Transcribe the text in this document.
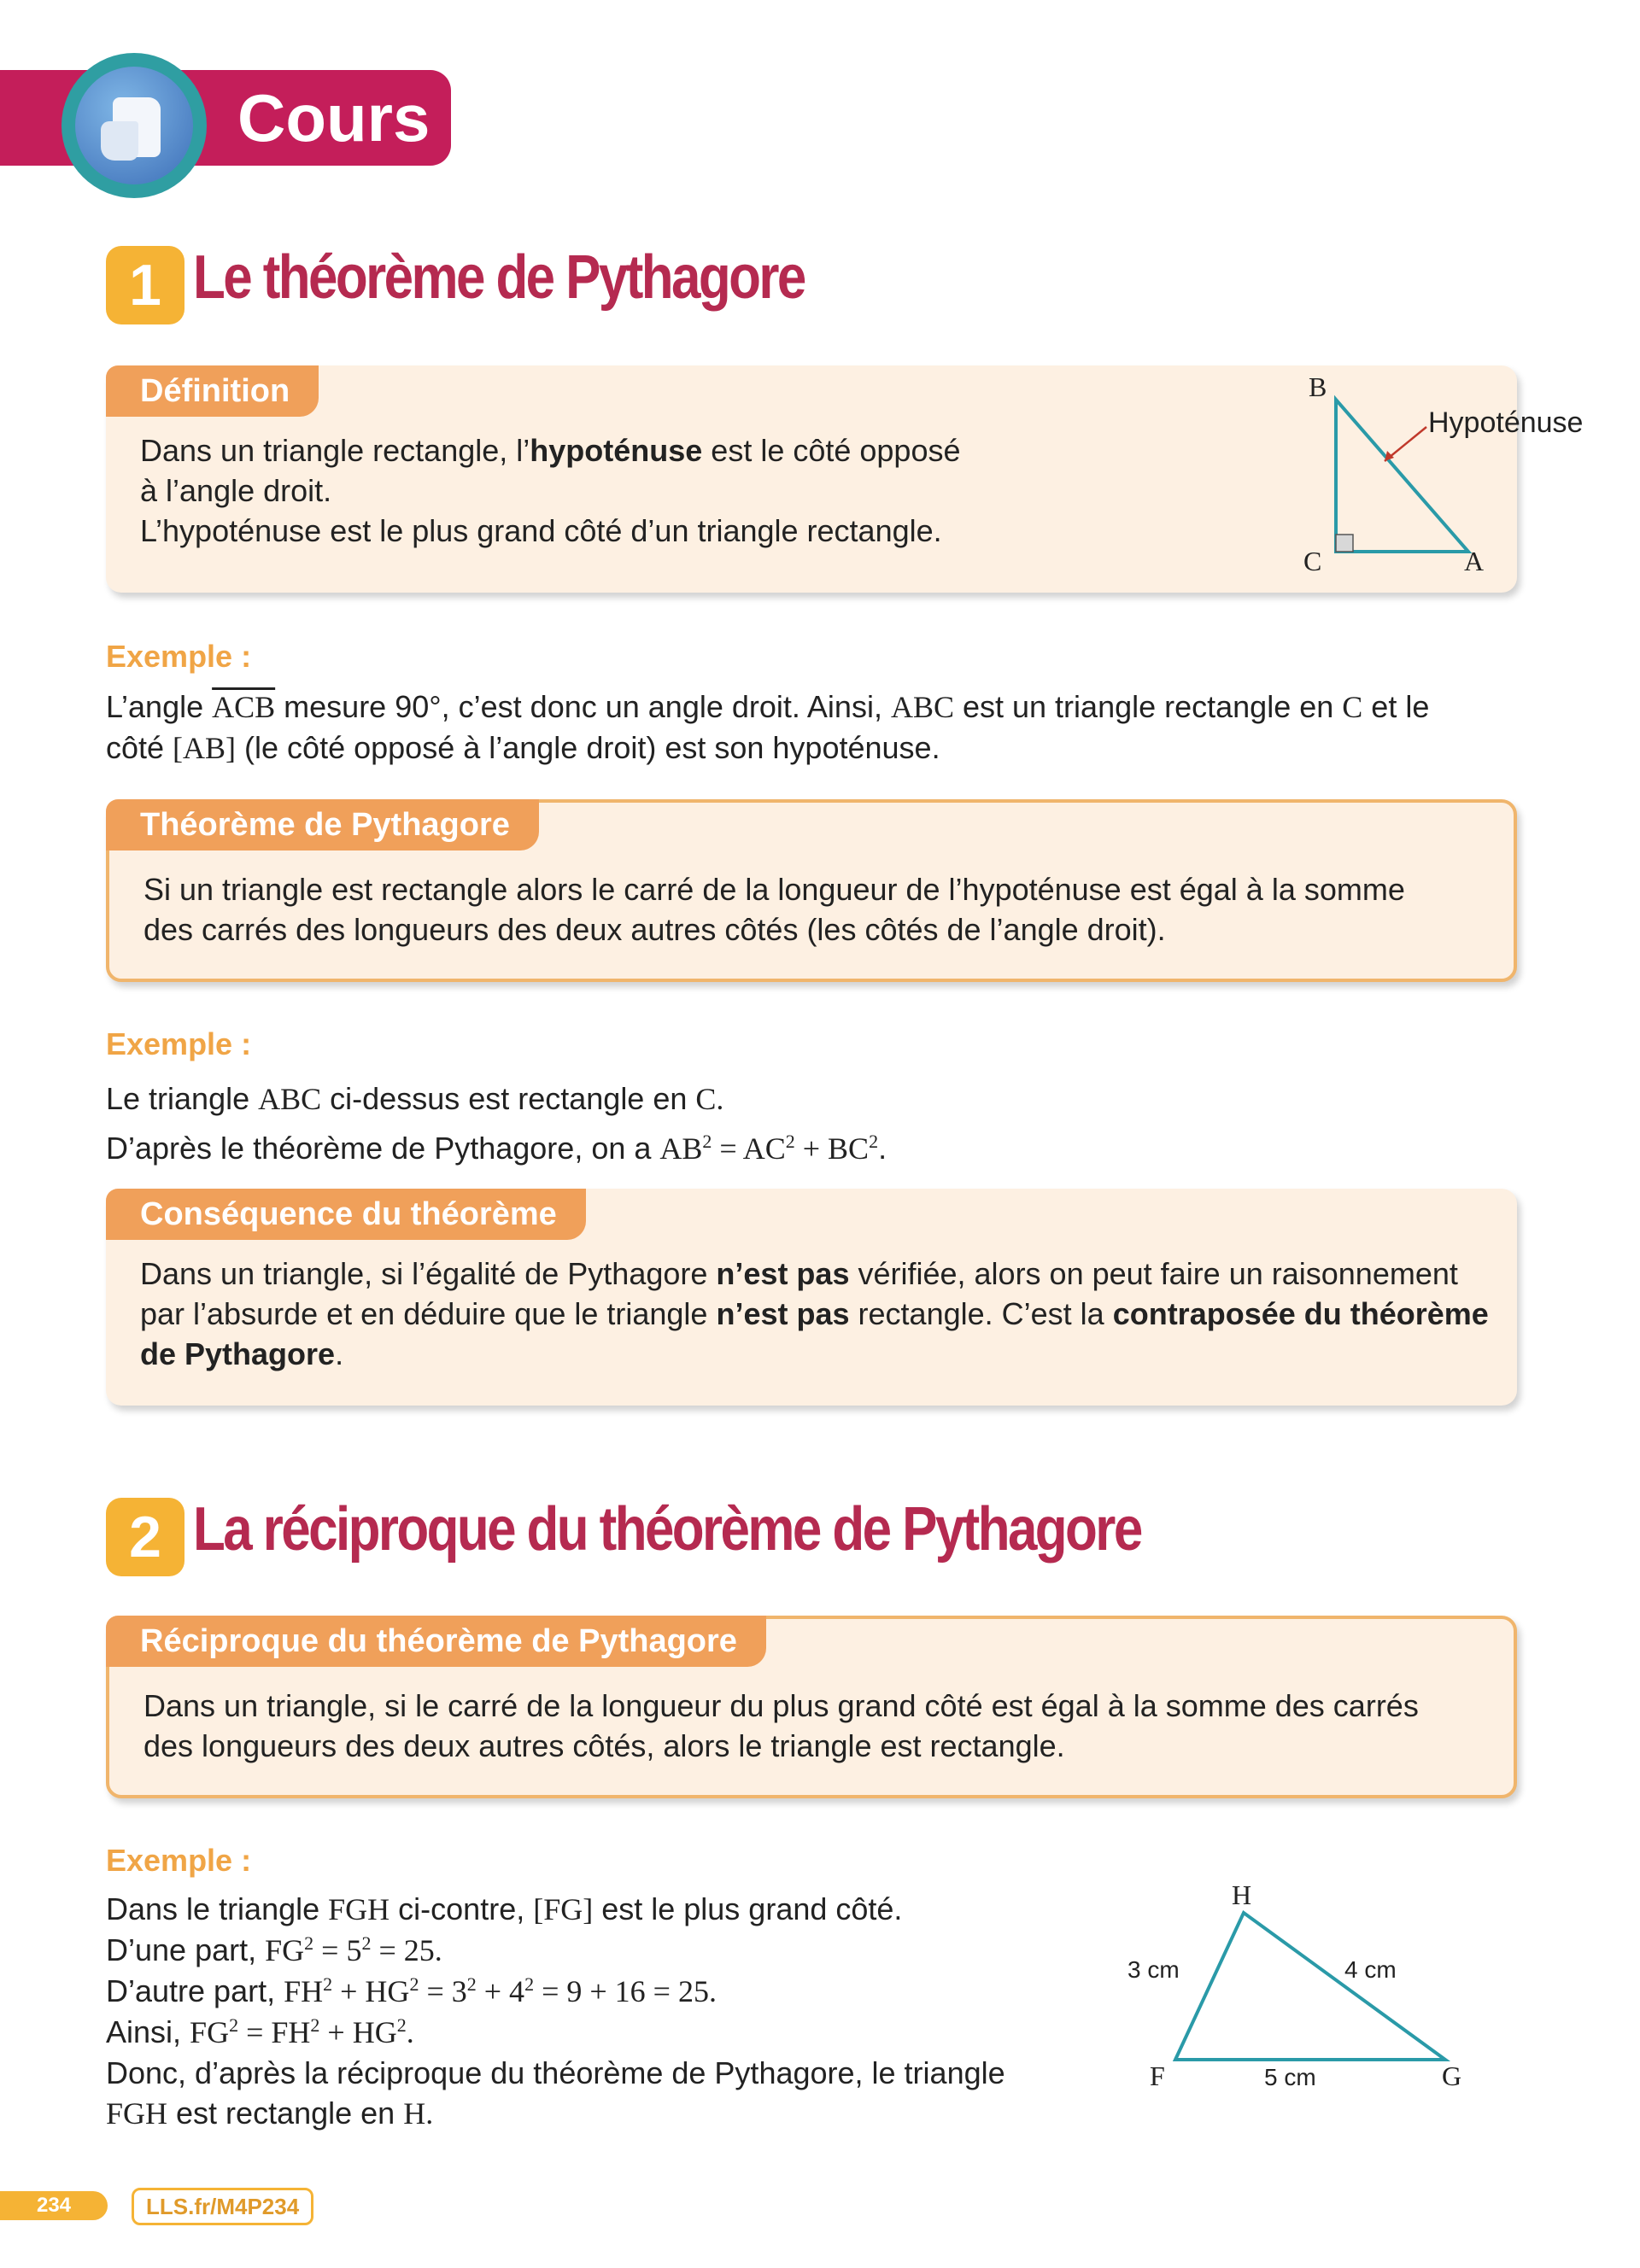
Cours
1 Le théorème de Pythagore
Définition
Dans un triangle rectangle, l’hypoténuse est le côté opposé
à l’angle droit.
L’hypoténuse est le plus grand côté d’un triangle rectangle.
B
C	A
Hypoténuse
Exemple :
L’angle $\overline{ACB}$ mesure 90°, c’est donc un angle droit. Ainsi, ABC est un triangle rectangle en C et le
côté [AB] (le côté opposé à l’angle droit) est son hypoténuse.
Théorème de Pythagore
Si un triangle est rectangle alors le carré de la longueur de l’hypoténuse est égal à la somme
des carrés des longueurs des deux autres côtés (les côtés de l’angle droit).
Exemple :
Le triangle ABC ci-dessus est rectangle en C.
D’après le théorème de Pythagore, on a $AB^2 = AC^2 + BC^2$.
Conséquence du théorème
Dans un triangle, si l’égalité de Pythagore n’est pas vérifiée, alors on peut faire un raisonnement
par l’absurde et en déduire que le triangle n’est pas rectangle. C’est la contraposée du théorème
de Pythagore.
2 La réciproque du théorème de Pythagore
Réciproque du théorème de Pythagore
Dans un triangle, si le carré de la longueur du plus grand côté est égal à la somme des carrés
des longueurs des deux autres côtés, alors le triangle est rectangle.
Exemple :
Dans le triangle FGH ci-contre, [FG] est le plus grand côté.
D’une part, $FG^2 = 5^2 = 25$.
D’autre part, $FH^2 + HG^2 = 3^2 + 4^2 = 9 + 16 = 25$.
Ainsi, $FG^2 = FH^2 + HG^2$.
Donc, d’après la réciproque du théorème de Pythagore, le triangle
FGH est rectangle en H.
H
F	G
3 cm	4 cm
5 cm
234	LLS.fr/M4P234
